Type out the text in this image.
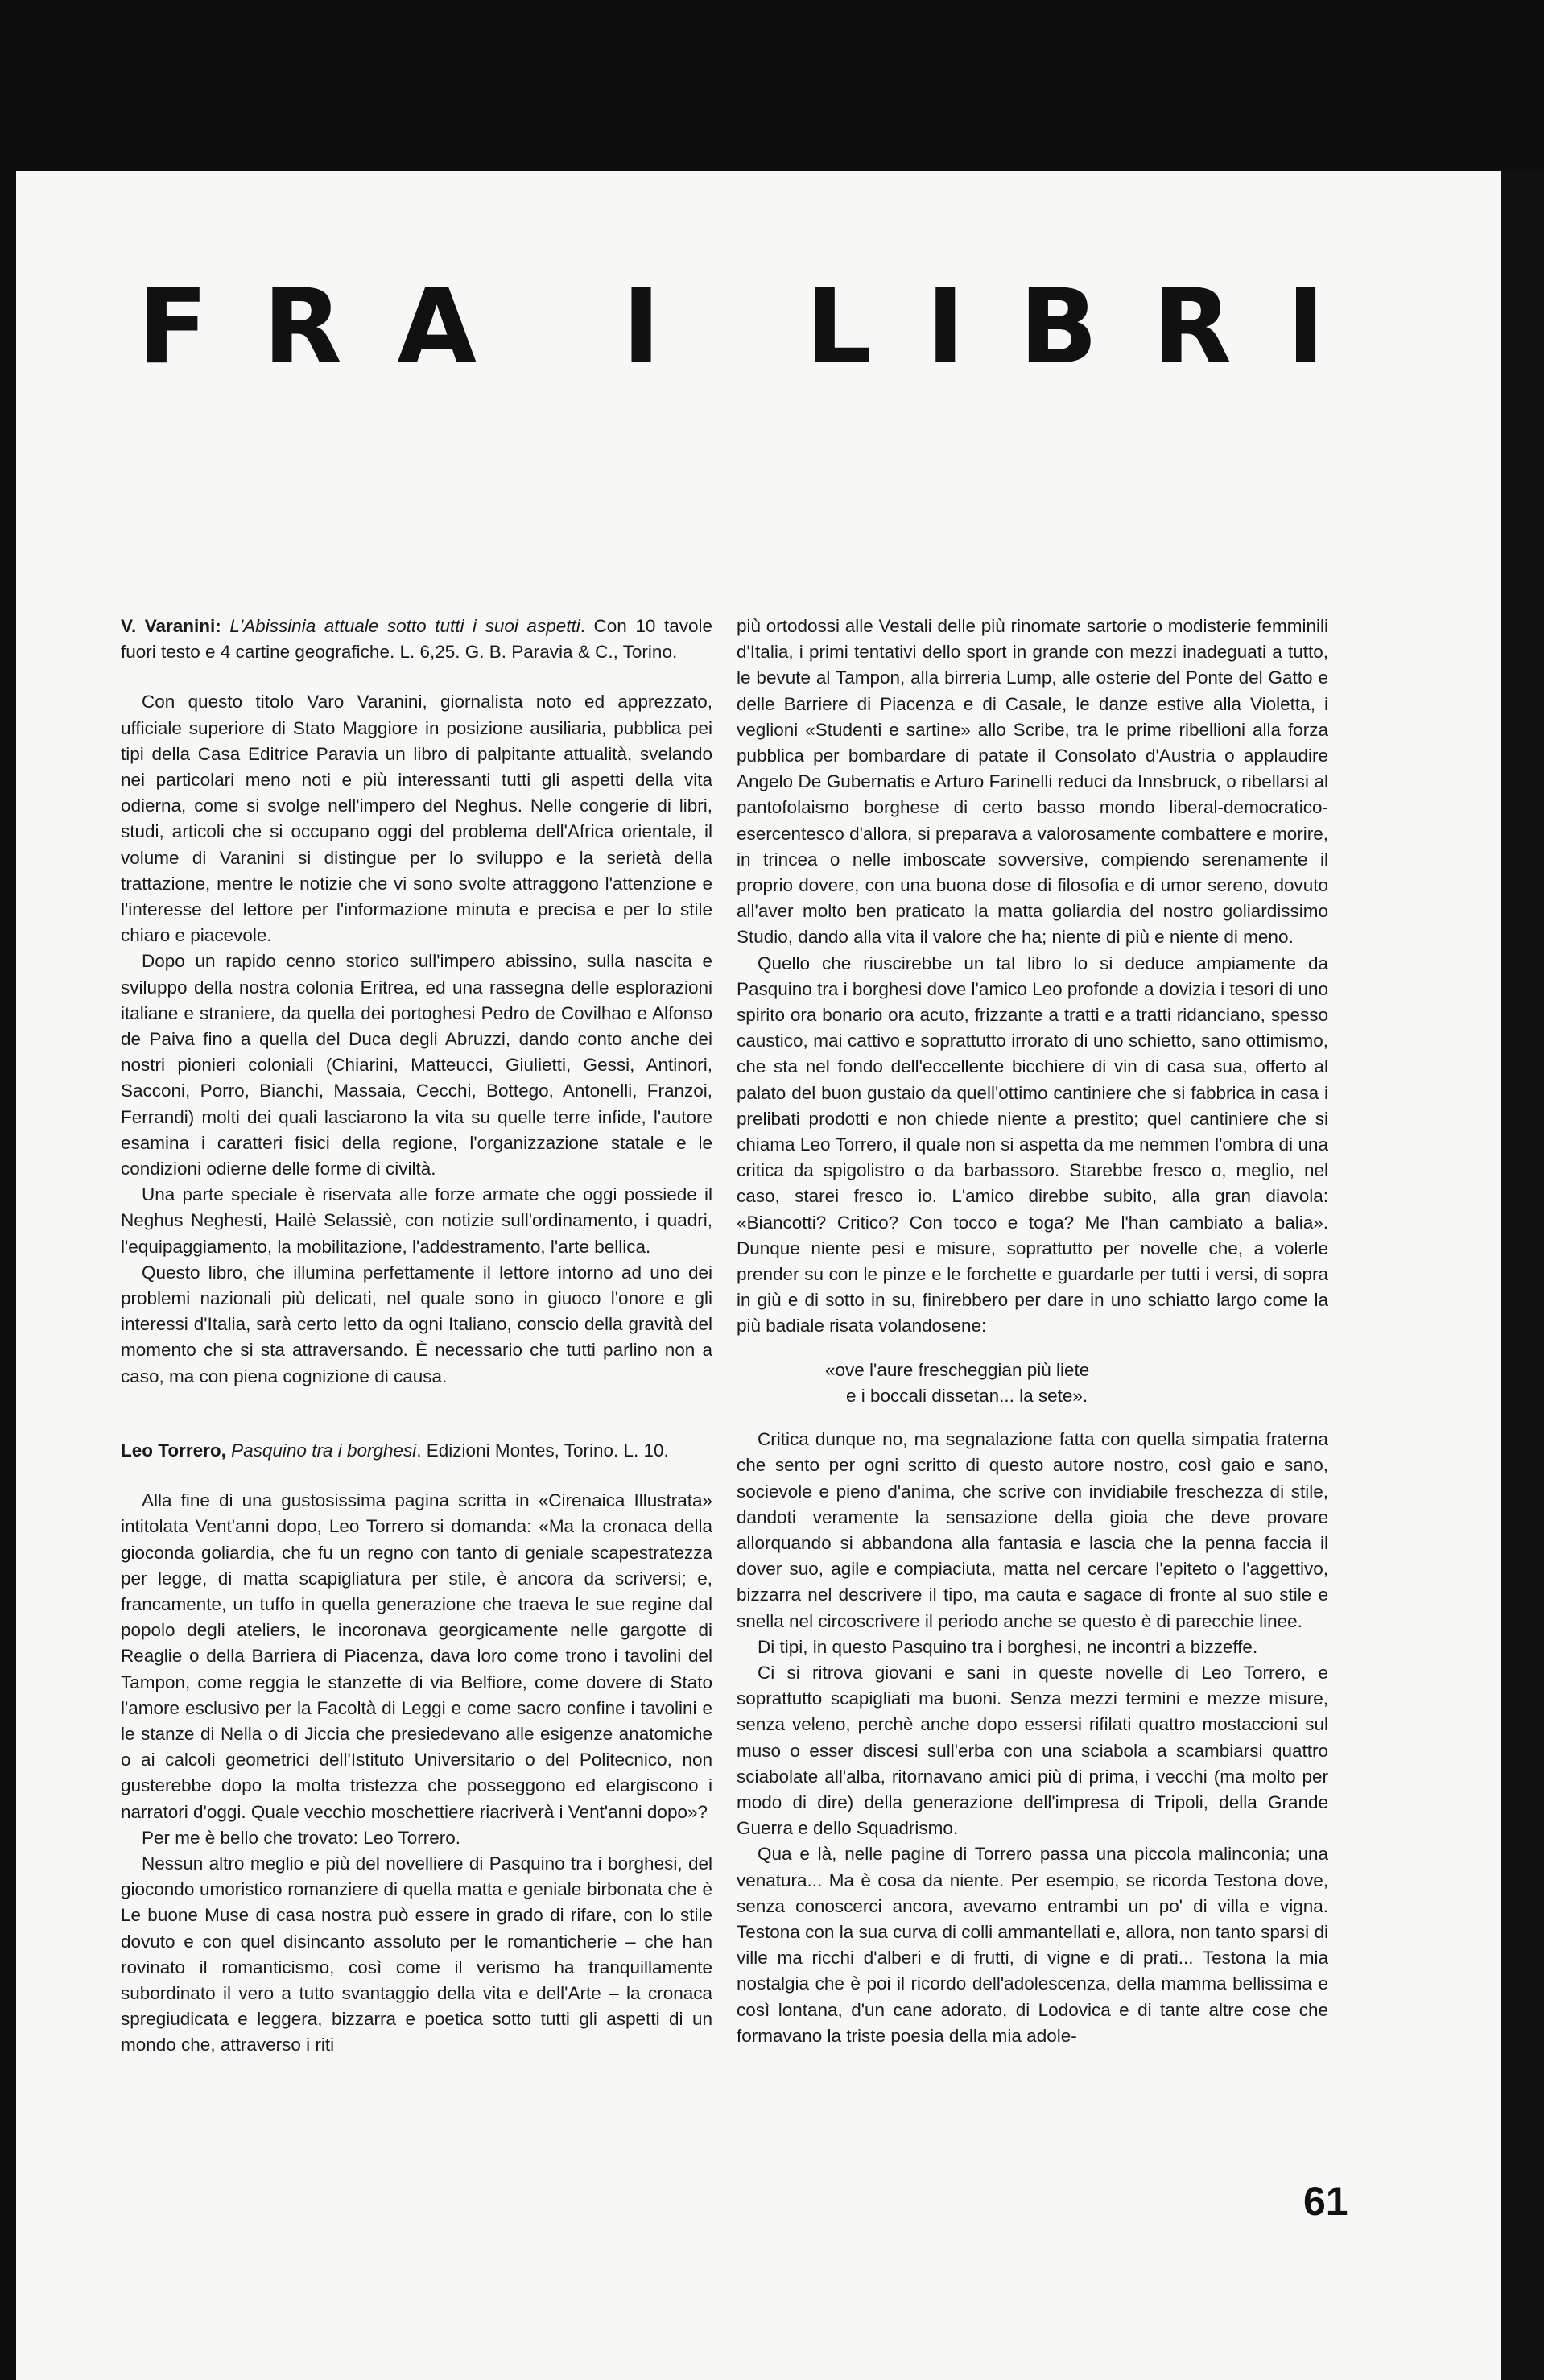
FRA I LIBRI

V. Varanini: L'Abissinia attuale sotto tutti i suoi aspetti. Con 10 tavole fuori testo e 4 cartine geografiche. L. 6,25. G. B. Paravia & C., Torino.

Con questo titolo Varo Varanini, giornalista noto ed apprezzato, ufficiale superiore di Stato Maggiore in posizione ausiliaria, pubblica pei tipi della Casa Editrice Paravia un libro di palpitante attualità, svelando nei particolari meno noti e più interessanti tutti gli aspetti della vita odierna, come si svolge nell'impero del Neghus. Nelle congerie di libri, studi, articoli che si occupano oggi del problema dell'Africa orientale, il volume di Varanini si distingue per lo sviluppo e la serietà della trattazione, mentre le notizie che vi sono svolte attraggono l'attenzione e l'interesse del lettore per l'informazione minuta e precisa e per lo stile chiaro e piacevole.

Dopo un rapido cenno storico sull'impero abissino, sulla nascita e sviluppo della nostra colonia Eritrea, ed una rassegna delle esplorazioni italiane e straniere, da quella dei portoghesi Pedro de Covilhao e Alfonso de Paiva fino a quella del Duca degli Abruzzi, dando conto anche dei nostri pionieri coloniali (Chiarini, Matteucci, Giulietti, Gessi, Antinori, Sacconi, Porro, Bianchi, Massaia, Cecchi, Bottego, Antonelli, Franzoi, Ferrandi) molti dei quali lasciarono la vita su quelle terre infide, l'autore esamina i caratteri fisici della regione, l'organizzazione statale e le condizioni odierne delle forme di civiltà.

Una parte speciale è riservata alle forze armate che oggi possiede il Neghus Neghesti, Hailè Selassiè, con notizie sull'ordinamento, i quadri, l'equipaggiamento, la mobilitazione, l'addestramento, l'arte bellica.

Questo libro, che illumina perfettamente il lettore intorno ad uno dei problemi nazionali più delicati, nel quale sono in giuoco l'onore e gli interessi d'Italia, sarà certo letto da ogni Italiano, conscio della gravità del momento che si sta attraversando. È necessario che tutti parlino non a caso, ma con piena cognizione di causa.

Leo Torrero, Pasquino tra i borghesi. Edizioni Montes, Torino. L. 10.

Alla fine di una gustosissima pagina scritta in «Cirenaica Illustrata» intitolata Vent'anni dopo, Leo Torrero si domanda: «Ma la cronaca della gioconda goliardia, che fu un regno con tanto di geniale scapestratezza per legge, di matta scapigliatura per stile, è ancora da scriversi; e, francamente, un tuffo in quella generazione che traeva le sue regine dal popolo degli ateliers, le incoronava georgicamente nelle gargotte di Reaglie o della Barriera di Piacenza, dava loro come trono i tavolini del Tampon, come reggia le stanzette di via Belfiore, come dovere di Stato l'amore esclusivo per la Facoltà di Leggi e come sacro confine i tavolini e le stanze di Nella o di Jiccia che presiedevano alle esigenze anatomiche o ai calcoli geometrici dell'Istituto Universitario o del Politecnico, non gusterebbe dopo la molta tristezza che posseggono ed elargiscono i narratori d'oggi. Quale vecchio moschettiere riacriverà i Vent'anni dopo»?

Per me è bello che trovato: Leo Torrero.

Nessun altro meglio e più del novelliere di Pasquino tra i borghesi, del giocondo umoristico romanziere di quella matta e geniale birbonata che è Le buone Muse di casa nostra può essere in grado di rifare, con lo stile dovuto e con quel disincanto assoluto per le romanticherie – che han rovinato il romanticismo, così come il verismo ha tranquillamente subordinato il vero a tutto svantaggio della vita e dell'Arte – la cronaca spregiudicata e leggera, bizzarra e poetica sotto tutti gli aspetti di un mondo che, attraverso i riti

più ortodossi alle Vestali delle più rinomate sartorie o modisterie femminili d'Italia, i primi tentativi dello sport in grande con mezzi inadeguati a tutto, le bevute al Tampon, alla birreria Lump, alle osterie del Ponte del Gatto e delle Barriere di Piacenza e di Casale, le danze estive alla Violetta, i veglioni «Studenti e sartine» allo Scribe, tra le prime ribellioni alla forza pubblica per bombardare di patate il Consolato d'Austria o applaudire Angelo De Gubernatis e Arturo Farinelli reduci da Innsbruck, o ribellarsi al pantofolaismo borghese di certo basso mondo liberal-democratico-esercentesco d'allora, si preparava a valorosamente combattere e morire, in trincea o nelle imboscate sovversive, compiendo serenamente il proprio dovere, con una buona dose di filosofia e di umor sereno, dovuto all'aver molto ben praticato la matta goliardia del nostro goliardissimo Studio, dando alla vita il valore che ha; niente di più e niente di meno.

Quello che riuscirebbe un tal libro lo si deduce ampiamente da Pasquino tra i borghesi dove l'amico Leo profonde a dovizia i tesori di uno spirito ora bonario ora acuto, frizzante a tratti e a tratti ridanciano, spesso caustico, mai cattivo e soprattutto irrorato di uno schietto, sano ottimismo, che sta nel fondo dell'eccellente bicchiere di vin di casa sua, offerto al palato del buon gustaio da quell'ottimo cantiniere che si fabbrica in casa i prelibati prodotti e non chiede niente a prestito; quel cantiniere che si chiama Leo Torrero, il quale non si aspetta da me nemmen l'ombra di una critica da spigolistro o da barbassoro. Starebbe fresco o, meglio, nel caso, starei fresco io. L'amico direbbe subito, alla gran diavola: «Biancotti? Critico? Con tocco e toga? Me l'han cambiato a balia». Dunque niente pesi e misure, soprattutto per novelle che, a volerle prender su con le pinze e le forchette e guardarle per tutti i versi, di sopra in giù e di sotto in su, finirebbero per dare in uno schiatto largo come la più badiale risata volandosene:

«ove l'aure frescheggian più liete
e i boccali dissetan... la sete».

Critica dunque no, ma segnalazione fatta con quella simpatia fraterna che sento per ogni scritto di questo autore nostro, così gaio e sano, socievole e pieno d'anima, che scrive con invidiabile freschezza di stile, dandoti veramente la sensazione della gioia che deve provare allorquando si abbandona alla fantasia e lascia che la penna faccia il dover suo, agile e compiaciuta, matta nel cercare l'epiteto o l'aggettivo, bizzarra nel descrivere il tipo, ma cauta e sagace di fronte al suo stile e snella nel circoscrivere il periodo anche se questo è di parecchie linee.

Di tipi, in questo Pasquino tra i borghesi, ne incontri a bizzeffe.

Ci si ritrova giovani e sani in queste novelle di Leo Torrero, e soprattutto scapigliati ma buoni. Senza mezzi termini e mezze misure, senza veleno, perchè anche dopo essersi rifilati quattro mostaccioni sul muso o esser discesi sull'erba con una sciabola a scambiarsi quattro sciabolate all'alba, ritornavano amici più di prima, i vecchi (ma molto per modo di dire) della generazione dell'impresa di Tripoli, della Grande Guerra e dello Squadrismo.

Qua e là, nelle pagine di Torrero passa una piccola malinconia; una venatura... Ma è cosa da niente. Per esempio, se ricorda Testona dove, senza conoscerci ancora, avevamo entrambi un po' di villa e vigna. Testona con la sua curva di colli ammantellati e, allora, non tanto sparsi di ville ma ricchi d'alberi e di frutti, di vigne e di prati... Testona la mia nostalgia che è poi il ricordo dell'adolescenza, della mamma bellissima e così lontana, d'un cane adorato, di Lodovica e di tante altre cose che formavano la triste poesia della mia adole-

61
